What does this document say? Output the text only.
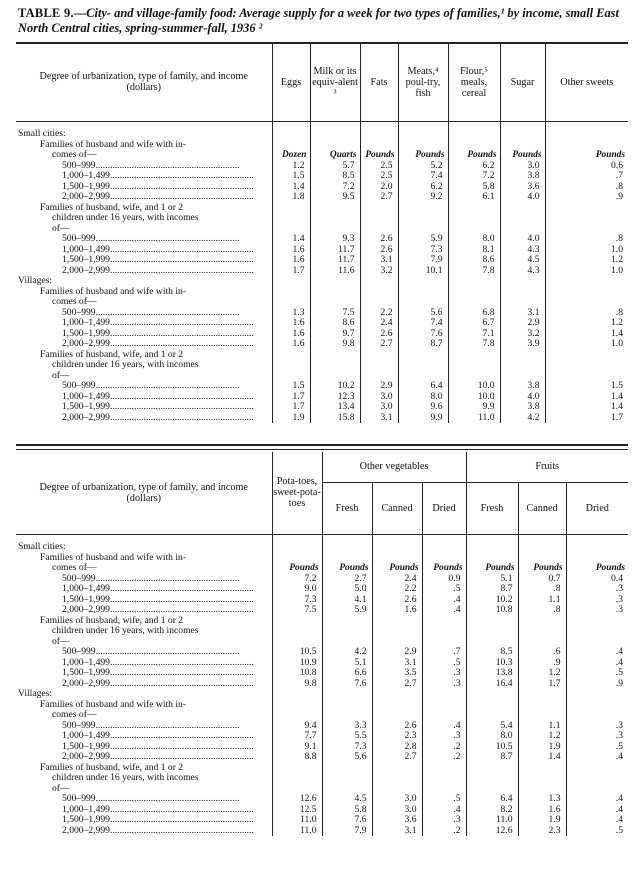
TABLE 9.—City- and village-family food: Average supply for a week for two types of families,¹ by income, small East North Central cities, spring-summer-fall, 1936 ²
Degree of urbanization, type of family, and income (dollars)	Eggs	Milk or its equiv-alent ³	Fats	Meats,⁴ poul-try, fish	Flour,⁵ meals, cereal	Sugar	Other sweets

Small cities:							
Families of husband and wife with in-							
comes of—	Dozen	Quarts	Pounds	Pounds	Pounds	Pounds	Pounds
500–999............................................................	1.2	5.7	2.5	5.2	6.2	3.0	0.6
1,000–1,499............................................................	1.5	8.5	2.5	7.4	7.2	3.8	.7
1,500–1,999............................................................	1.4	7.2	2.0	6.2	5.8	3.6	.8
2,000–2,999............................................................	1.8	9.5	2.7	9.2	6.1	4.0	.9
Families of husband, wife, and 1 or 2							
children under 16 years, with incomes							
of—							
500–999............................................................	1.4	9.3	2.6	5.9	8.0	4.0	.8
1,000–1,499............................................................	1.6	11.7	2.6	7.3	8.1	4.3	1.0
1,500–1,999............................................................	1.6	11.7	3.1	7.9	8.6	4.5	1.2
2,000–2,999............................................................	1.7	11.6	3.2	10.1	7.8	4.3	1.0

Villages:							
Families of husband and wife with in-							
comes of—							
500–999............................................................	1.3	7.5	2.2	5.6	6.8	3.1	.8
1,000–1,499............................................................	1.6	8.6	2.4	7.4	6.7	2.9	1.2
1,500–1,999............................................................	1.6	9.7	2.6	7.6	7.1	3.2	1.4
2,000–2,999............................................................	1.6	9.8	2.7	8.7	7.8	3.9	1.0
Families of husband, wife, and 1 or 2							
children under 16 years, with incomes							
of—							
500–999............................................................	1.5	10.2	2.9	6.4	10.0	3.8	1.5
1,000–1,499............................................................	1.7	12.3	3.0	8.0	10.0	4.0	1.4
1,500–1,999............................................................	1.7	13.4	3.0	9.6	9.9	3.8	1.4
2,000–2,999............................................................	1.9	15.8	3.1	9.9	11.0	4.2	1.7
Degree of urbanization, type of family, and income (dollars)	Pota-toes, sweet-pota-toes	Other vegetables			Fruits		
		Fresh	Canned	Dried	Fresh	Canned	Dried

Small cities:							
Families of husband and wife with in-							
comes of—	Pounds	Pounds	Pounds	Pounds	Pounds	Pounds	Pounds
500–999............................................................	7.2	2.7	2.4	0.9	5.1	0.7	0.4
1,000–1,499............................................................	9.0	5.0	2.2	.5	8.7	.8	.3
1,500–1,999............................................................	7.3	4.1	2.6	.4	10.2	1.1	.3
2,000–2,999............................................................	7.5	5.9	1.6	.4	10.8	.8	.3
Families of husband, wife, and 1 or 2							
children under 16 years, with incomes							
of—							
500–999............................................................	10.5	4.2	2.9	.7	8.5	.6	.4
1,000–1,499............................................................	10.9	5.1	3.1	.5	10.3	.9	.4
1,500–1,999............................................................	10.8	6.6	3.5	.3	13.8	1.2	.5
2,000–2,999............................................................	9.8	7.6	2.7	.3	16.4	1.7	.9

Villages:							
Families of husband and wife with in-							
comes of—							
500–999............................................................	9.4	3.3	2.6	.4	5.4	1.1	.3
1,000–1,499............................................................	7.7	5.5	2.3	.3	8.0	1.2	.3
1,500–1,999............................................................	9.1	7.3	2.8	.2	10.5	1.9	.5
2,000–2,999............................................................	8.8	5.6	2.7	.2	8.7	1.4	.4
Families of husband, wife, and 1 or 2							
children under 16 years, with incomes							
of—							
500–999............................................................	12.6	4.5	3.0	.5	6.4	1.3	.4
1,000–1,499............................................................	12.5	5.8	3.0	.4	8.2	1.6	.4
1,500–1,999............................................................	11.0	7.6	3.6	.3	11.0	1.9	.4
2,000–2,999............................................................	11.0	7.9	3.1	.2	12.6	2.3	.5
